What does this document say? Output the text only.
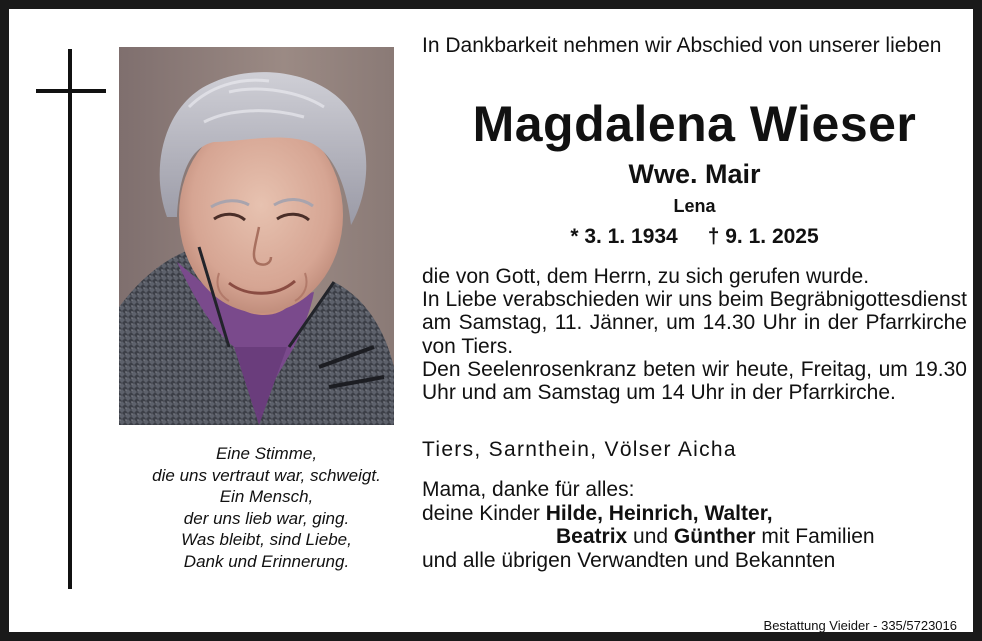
Eine Stimme,
die uns vertraut war, schweigt.
Ein Mensch,
der uns lieb war, ging.
Was bleibt, sind Liebe,
Dank und Erinnerung.
In Dankbarkeit nehmen wir Abschied von unserer lieben
Magdalena Wieser
Wwe. Mair
Lena
* 3. 1. 1934 † 9. 1. 2025
die von Gott, dem Herrn, zu sich gerufen wurde.
In Liebe verabschieden wir uns beim Begräbnigottesdienst am Samstag, 11. Jänner, um 14.30 Uhr in der Pfarrkirche von Tiers.
Den Seelenrosenkranz beten wir heute, Freitag, um 19.30 Uhr und am Samstag um 14 Uhr in der Pfarrkirche.
Tiers, Sarnthein, Völser Aicha
Mama, danke für alles:
deine Kinder Hilde, Heinrich, Walter,
Beatrix und Günther mit Familien
und alle übrigen Verwandten und Bekannten
Bestattung Vieider - 335/5723016
